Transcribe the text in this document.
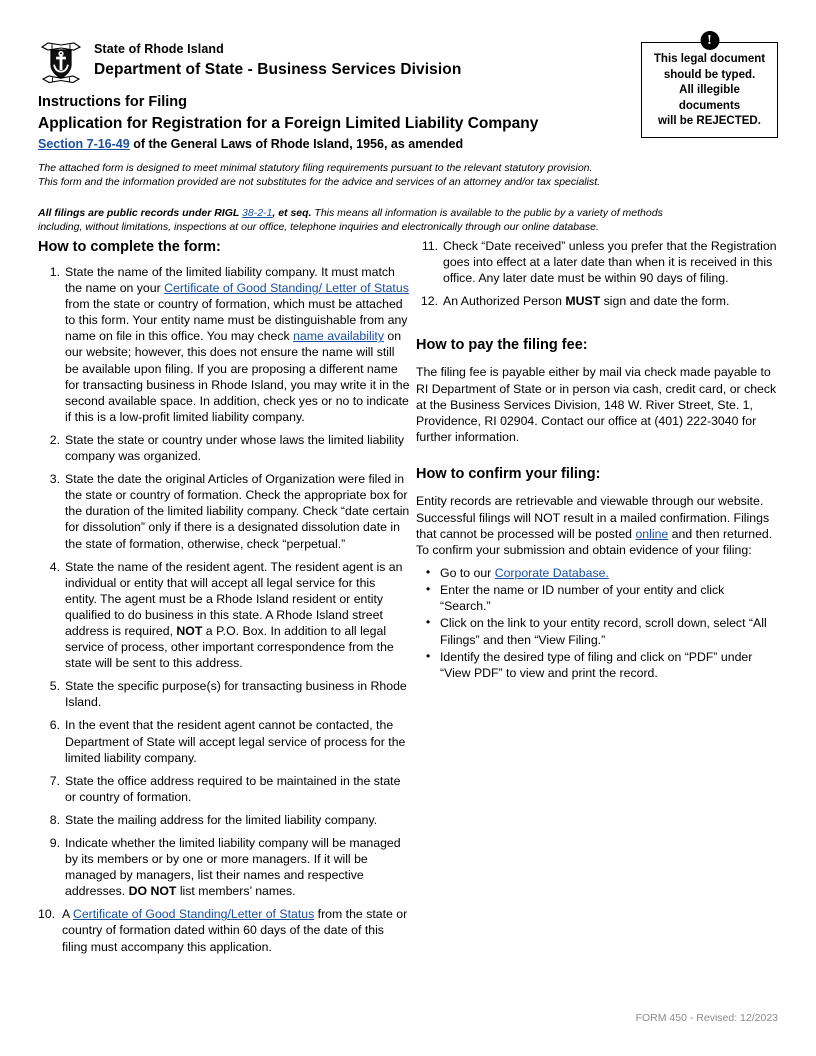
State of Rhode Island
Department of State - Business Services Division
Instructions for Filing
Application for Registration for a Foreign Limited Liability Company
!
This legal document
should be typed.
All illegible
documents
will be REJECTED.
Section 7-16-49 of the General Laws of Rhode Island, 1956, as amended
The attached form is designed to meet minimal statutory filing requirements pursuant to the relevant statutory provision.
This form and the information provided are not substitutes for the advice and services of an attorney and/or tax specialist.
All filings are public records under RIGL 38-2-1, et seq. This means all information is available to the public by a variety of methods including, without limitations, inspections at our office, telephone inquiries and electronically through our online database.
How to complete the form:
1. State the name of the limited liability company. It must match the name on your Certificate of Good Standing/ Letter of Status from the state or country of formation, which must be attached to this form. Your entity name must be distinguishable from any name on file in this office. You may check name availability on our website; however, this does not ensure the name will still be available upon filing. If you are proposing a different name for transacting business in Rhode Island, you may write it in the second available space. In addition, check yes or no to indicate if this is a low-profit limited liability company.
2. State the state or country under whose laws the limited liability company was organized.
3. State the date the original Articles of Organization were filed in the state or country of formation. Check the appropriate box for the duration of the limited liability company. Check “date certain for dissolution” only if there is a designated dissolution date in the state of formation, otherwise, check “perpetual.”
4. State the name of the resident agent. The resident agent is an individual or entity that will accept all legal service for this entity. The agent must be a Rhode Island resident or entity qualified to do business in this state. A Rhode Island street address is required, NOT a P.O. Box. In addition to all legal service of process, other important correspondence from the state will be sent to this address.
5. State the specific purpose(s) for transacting business in Rhode Island.
6. In the event that the resident agent cannot be contacted, the Department of State will accept legal service of process for the limited liability company.
7. State the office address required to be maintained in the state or country of formation.
8. State the mailing address for the limited liability company.
9. Indicate whether the limited liability company will be managed by its members or by one or more managers. If it will be managed by managers, list their names and respective addresses. DO NOT list members’ names.
10. A Certificate of Good Standing/Letter of Status from the state or country of formation dated within 60 days of the date of this filing must accompany this application.
11. Check “Date received” unless you prefer that the Registration goes into effect at a later date than when it is received in this office. Any later date must be within 90 days of filing.
12. An Authorized Person MUST sign and date the form.
How to pay the filing fee:

The filing fee is payable either by mail via check made payable to RI Department of State or in person via cash, credit card, or check at the Business Services Division, 148 W. River Street, Ste. 1, Providence, RI 02904. Contact our office at (401) 222-3040 for further information.

How to confirm your filing:

Entity records are retrievable and viewable through our website. Successful filings will NOT result in a mailed confirmation. Filings that cannot be processed will be posted online and then returned. To confirm your submission and obtain evidence of your filing:

• Go to our Corporate Database.
• Enter the name or ID number of your entity and click “Search.”
• Click on the link to your entity record, scroll down, select “All Filings” and then “View Filing.”
• Identify the desired type of filing and click on “PDF” under “View PDF” to view and print the record.
FORM 450 - Revised: 12/2023
